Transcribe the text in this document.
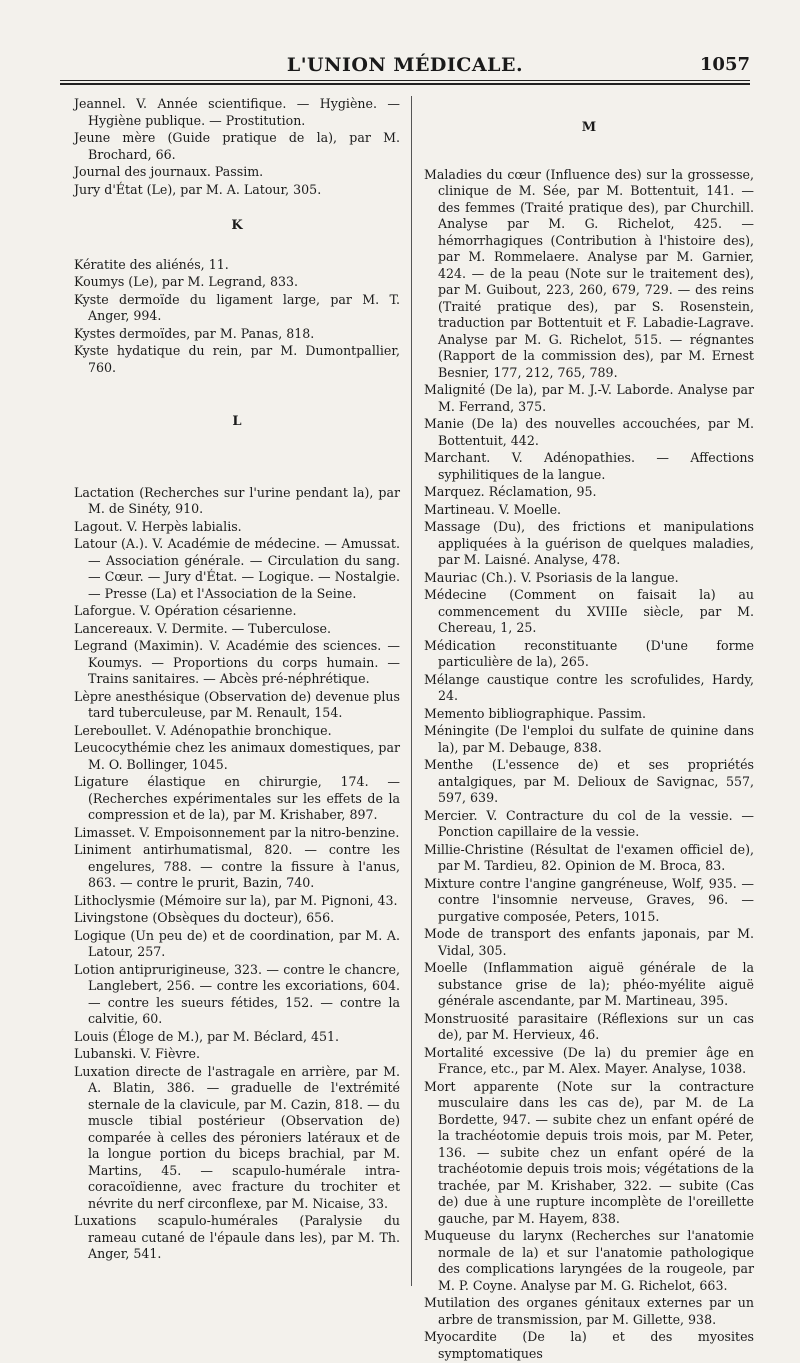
L'UNION MÉDICALE.	1057
Jeannel. V. Année scientifique. — Hygiène. — Hygiène publique. — Prostitution.
Jeune mère (Guide pratique de la), par M. Brochard, 66.
Journal des journaux. Passim.
Jury d'État (Le), par M. A. Latour, 305.
K
Kératite des aliénés, 11.
Koumys (Le), par M. Legrand, 833.
Kyste dermoïde du ligament large, par M. T. Anger, 994.
Kystes dermoïdes, par M. Panas, 818.
Kyste hydatique du rein, par M. Dumontpallier, 760.
L
Lactation (Recherches sur l'urine pendant la), par M. de Sinéty, 910.
Lagout. V. Herpès labialis.
Latour (A.). V. Académie de médecine. — Amussat. — Association générale. — Circulation du sang. — Cœur. — Jury d'État. — Logique. — Nostalgie. — Presse (La) et l'Association de la Seine.
Laforgue. V. Opération césarienne.
Lancereaux. V. Dermite. — Tuberculose.
Legrand (Maximin). V. Académie des sciences. — Koumys. — Proportions du corps humain. — Trains sanitaires. — Abcès pré-néphrétique.
Lèpre anesthésique (Observation de) devenue plus tard tuberculeuse, par M. Renault, 154.
Lereboullet. V. Adénopathie bronchique.
Leucocythémie chez les animaux domestiques, par M. O. Bollinger, 1045.
Ligature élastique en chirurgie, 174. — (Recherches expérimentales sur les effets de la compression et de la), par M. Krishaber, 897.
Limasset. V. Empoisonnement par la nitro-benzine.
Liniment antirhumatismal, 820. — contre les engelures, 788. — contre la fissure à l'anus, 863. — contre le prurit, Bazin, 740.
Lithoclysmie (Mémoire sur la), par M. Pignoni, 43.
Livingstone (Obsèques du docteur), 656.
Logique (Un peu de) et de coordination, par M. A. Latour, 257.
Lotion antiprurigineuse, 323. — contre le chancre, Langlebert, 256. — contre les excoriations, 604. — contre les sueurs fétides, 152. — contre la calvitie, 60.
Louis (Éloge de M.), par M. Béclard, 451.
Lubanski. V. Fièvre.
Luxation directe de l'astragale en arrière, par M. A. Blatin, 386. — graduelle de l'extrémité sternale de la clavicule, par M. Cazin, 818. — du muscle tibial postérieur (Observation de) comparée à celles des péroniers latéraux et de la longue portion du biceps brachial, par M. Martins, 45. — scapulo-humérale intra-coracoïdienne, avec fracture du trochiter et névrite du nerf circonflexe, par M. Nicaise, 33.
Luxations scapulo-humérales (Paralysie du rameau cutané de l'épaule dans les), par M. Th. Anger, 541.
M
Maladies du cœur (Influence des) sur la grossesse, clinique de M. Sée, par M. Bottentuit, 141. — des femmes (Traité pratique des), par Churchill. Analyse par M. G. Richelot, 425. — hémorrhagiques (Contribution à l'histoire des), par M. Rommelaere. Analyse par M. Garnier, 424. — de la peau (Note sur le traitement des), par M. Guibout, 223, 260, 679, 729. — des reins (Traité pratique des), par S. Rosenstein, traduction par Bottentuit et F. Labadie-Lagrave. Analyse par M. G. Richelot, 515. — régnantes (Rapport de la commission des), par M. Ernest Besnier, 177, 212, 765, 789.
Malignité (De la), par M. J.-V. Laborde. Analyse par M. Ferrand, 375.
Manie (De la) des nouvelles accouchées, par M. Bottentuit, 442.
Marchant. V. Adénopathies. — Affections syphilitiques de la langue.
Marquez. Réclamation, 95.
Martineau. V. Moelle.
Massage (Du), des frictions et manipulations appliquées à la guérison de quelques maladies, par M. Laisné. Analyse, 478.
Mauriac (Ch.). V. Psoriasis de la langue.
Médecine (Comment on faisait la) au commencement du XVIIIe siècle, par M. Chereau, 1, 25.
Médication reconstituante (D'une forme particulière de la), 265.
Mélange caustique contre les scrofulides, Hardy, 24.
Memento bibliographique. Passim.
Méningite (De l'emploi du sulfate de quinine dans la), par M. Debauge, 838.
Menthe (L'essence de) et ses propriétés antalgiques, par M. Delioux de Savignac, 557, 597, 639.
Mercier. V. Contracture du col de la vessie. — Ponction capillaire de la vessie.
Millie-Christine (Résultat de l'examen officiel de), par M. Tardieu, 82. Opinion de M. Broca, 83.
Mixture contre l'angine gangréneuse, Wolf, 935. — contre l'insomnie nerveuse, Graves, 96. — purgative composée, Peters, 1015.
Mode de transport des enfants japonais, par M. Vidal, 305.
Moelle (Inflammation aiguë générale de la substance grise de la); phéo-myélite aiguë générale ascendante, par M. Martineau, 395.
Monstruosité parasitaire (Réflexions sur un cas de), par M. Hervieux, 46.
Mortalité excessive (De la) du premier âge en France, etc., par M. Alex. Mayer. Analyse, 1038.
Mort apparente (Note sur la contracture musculaire dans les cas de), par M. de La Bordette, 947. — subite chez un enfant opéré de la trachéotomie depuis trois mois, par M. Peter, 136. — subite chez un enfant opéré de la trachéotomie depuis trois mois; végétations de la trachée, par M. Krishaber, 322. — subite (Cas de) due à une rupture incomplète de l'oreillette gauche, par M. Hayem, 838.
Muqueuse du larynx (Recherches sur l'anatomie normale de la) et sur l'anatomie pathologique des complications laryngées de la rougeole, par M. P. Coyne. Analyse par M. G. Richelot, 663.
Mutilation des organes génitaux externes par un arbre de transmission, par M. Gillette, 938.
Myocardite (De la) et des myosites symptomatiques
